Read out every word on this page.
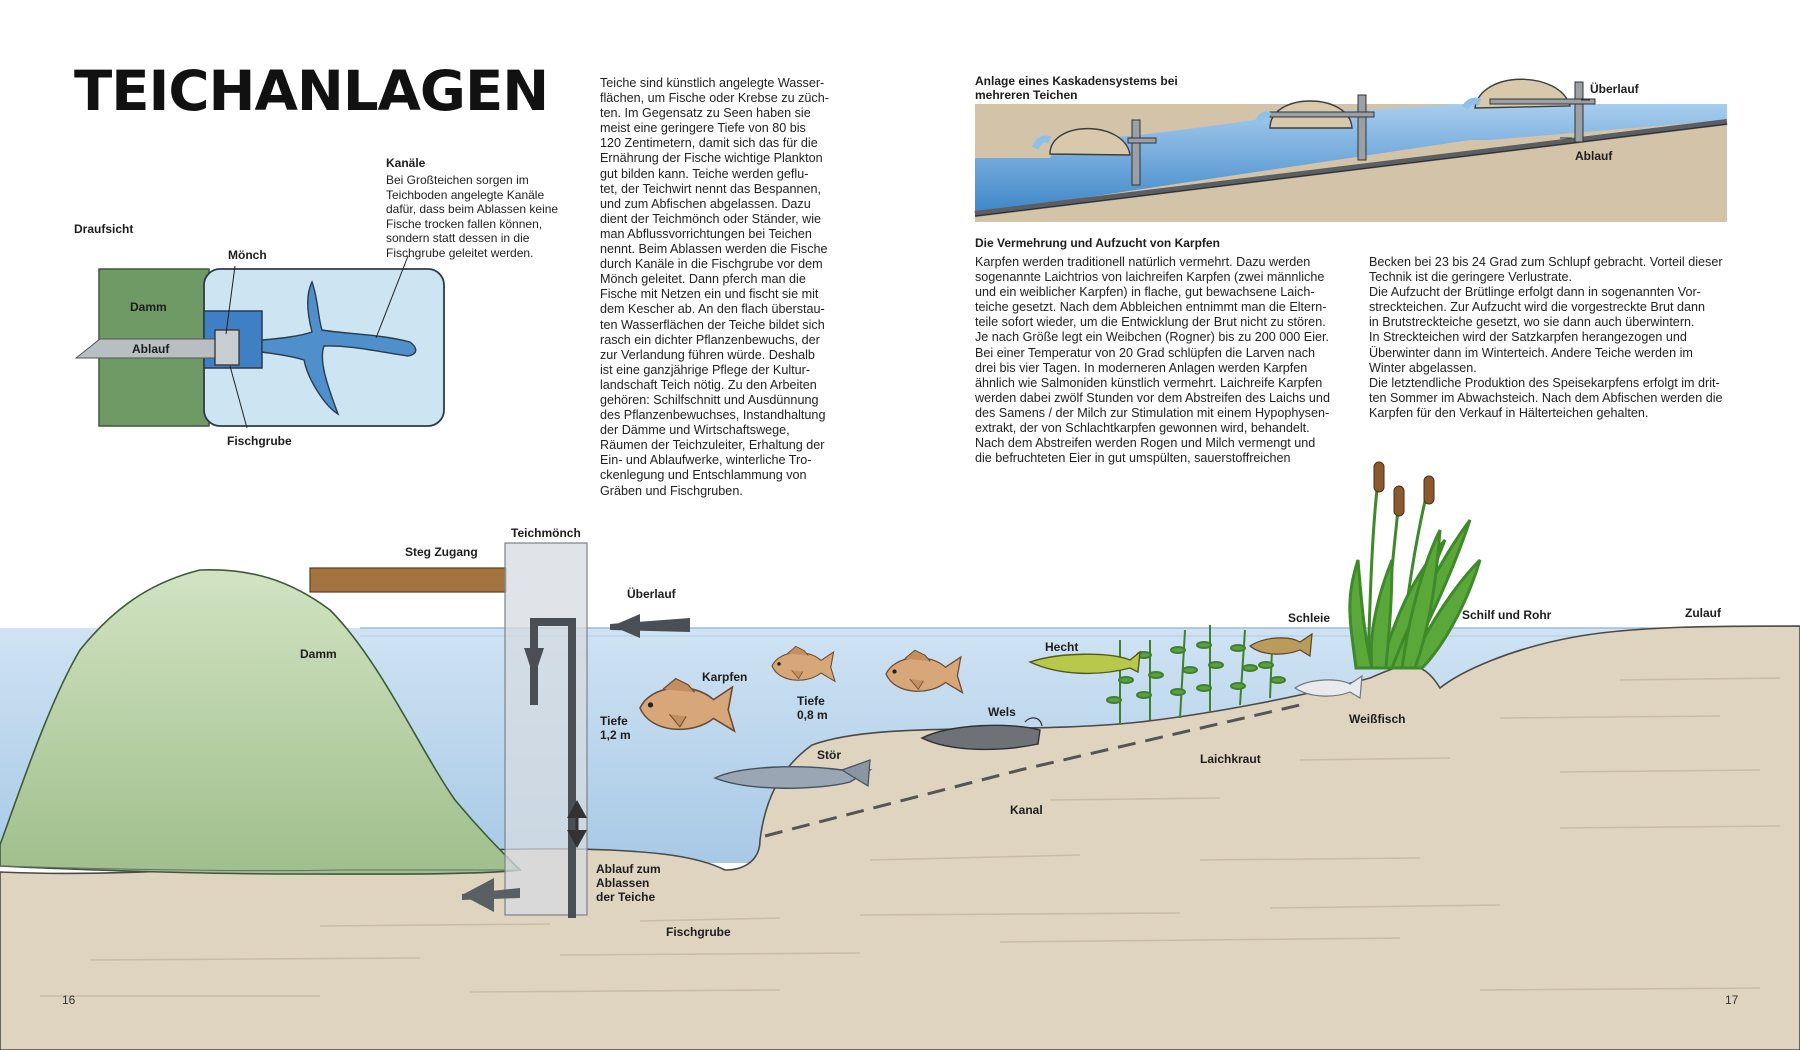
TEICHANLAGEN	Teiche sind künstlich angelegte Wasser-
flächen, um Fische oder Krebse zu züch-
ten. Im Gegensatz zu Seen haben sie
meist eine geringere Tiefe von 80 bis
120 Zentimetern, damit sich das für die
Ernährung der Fische wichtige Plankton
gut bilden kann. Teiche werden geflu-
tet, der Teichwirt nennt das Bespannen,
und zum Abfischen abgelassen. Dazu
dient der Teichmönch oder Ständer, wie
man Abflussvorrichtungen bei Teichen
nennt. Beim Ablassen werden die Fische
durch Kanäle in die Fischgrube vor dem
Mönch geleitet. Dann pferch man die
Fische mit Netzen ein und fischt sie mit
dem Kescher ab. An den flach überstau-
ten Wasserflächen der Teiche bildet sich
rasch ein dichter Pflanzenbewuchs, der
zur Verlandung führen würde. Deshalb
ist eine ganzjährige Pflege der Kultur-
landschaft Teich nötig. Zu den Arbeiten
gehören: Schilfschnitt und Ausdünnung
des Pflanzenbewuchses, Instandhaltung
der Dämme und Wirtschaftswege,
Räumen der Teichzuleiter, Erhaltung der
Ein- und Ablaufwerke, winterliche Tro-
ckenlegung und Entschlammung von
Gräben und Fischgruben.
Die Vermehrung und Aufzucht von Karpfen
Karpfen werden traditionell natürlich vermehrt. Dazu werden
sogenannte Laichtrios von laichreifen Karpfen (zwei männliche
und ein weiblicher Karpfen) in flache, gut bewachsene Laich-
teiche gesetzt. Nach dem Abbleichen entnimmt man die Eltern-
teile sofort wieder, um die Entwicklung der Brut nicht zu stören.
Je nach Größe legt ein Weibchen (Rogner) bis zu 200 000 Eier.
Bei einer Temperatur von 20 Grad schlüpfen die Larven nach
drei bis vier Tagen. In moderneren Anlagen werden Karpfen
ähnlich wie Salmoniden künstlich vermehrt. Laichreife Karpfen
werden dabei zwölf Stunden vor dem Abstreifen des Laichs und
des Samens / der Milch zur Stimulation mit einem Hypophysen-
extrakt, der von Schlachtkarpfen gewonnen wird, behandelt.
Nach dem Abstreifen werden Rogen und Milch vermengt und
die befruchteten Eier in gut umspülten, sauerstoffreichen
Becken bei 23 bis 24 Grad zum Schlupf gebracht. Vorteil dieser
Technik ist die geringere Verlustrate.
Die Aufzucht der Brütlinge erfolgt dann in sogenannten Vor-
streckteichen. Zur Aufzucht wird die vorgestreckte Brut dann
in Brutstreckteiche gesetzt, wo sie dann auch überwintern.
In Streckteichen wird der Satzkarpfen herangezogen und
Überwinter dann im Winterteich. Andere Teiche werden im
Winter abgelassen.
Die letztendliche Produktion des Speisekarpfens erfolgt im drit-
ten Sommer im Abwachsteich. Nach dem Abfischen werden die
Karpfen für den Verkauf in Hälterteichen gehalten.
Kanäle
Bei Großteichen sorgen im
Teichboden angelegte Kanäle
dafür, dass beim Ablassen keine
Fische trocken fallen können,
sondern statt dessen in die
Fischgrube geleitet werden.
Draufsicht
Mönch
Damm
Ablauf
Fischgrube
Anlage eines Kaskadensystems bei
mehreren Teichen	Überlauf
Ablauf
Teichmönch
Steg Zugang
Damm
Überlauf
Karpfen
Tiefe
1,2 m
Tiefe
0,8 m
Stör
Wels
Hecht
Schleie	Schilf und Rohr	Zulauf
Weißfisch
Laichkraut
Kanal
Ablauf zum
Ablassen
der Teiche
Fischgrube
16	17
